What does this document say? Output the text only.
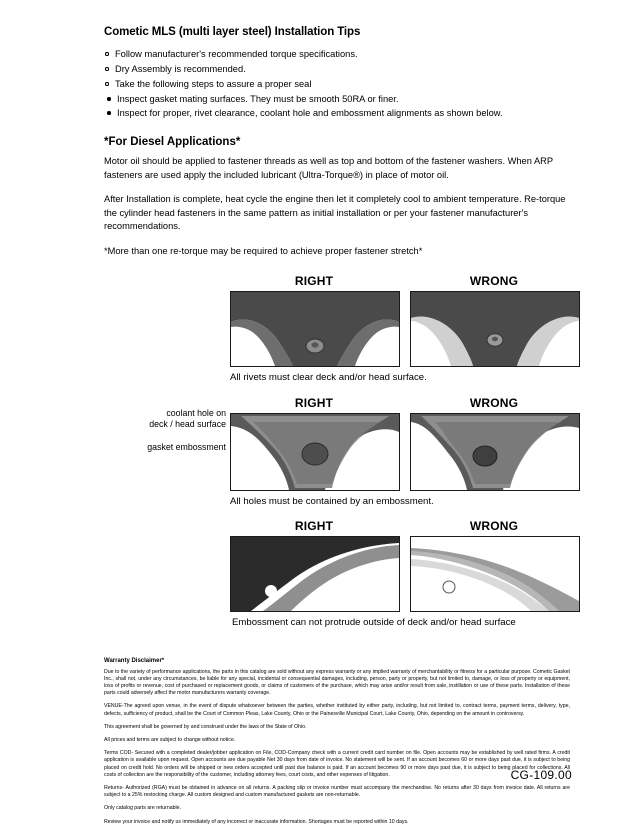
Cometic MLS (multi layer steel) Installation Tips
Follow manufacturer's recommended torque specifications.
Dry Assembly is recommended.
Take the following steps to assure a proper seal
Inspect gasket mating surfaces. They must be smooth 50RA or finer.
Inspect for proper, rivet clearance, coolant hole and embossment alignments as shown below.
*For Diesel Applications*

Motor oil should be applied to fastener threads as well as top and bottom of the fastener washers. When ARP fasteners are used apply the included lubricant (Ultra-Torque®) in place of motor oil.

After Installation is complete, heat cycle the engine then let it completely cool to ambient temperature. Re-torque the cylinder head fasteners in the same pattern as initial installation or per your fastener manufacturer's recommendations.

*More than one re-torque may be required to achieve proper fastener stretch*

RIGHT	WRONG
All rivets must clear deck and/or head surface.
coolant hole on
deck / head surface
gasket embossment
RIGHT	WRONG
All holes must be contained by an embossment.
RIGHT	WRONG
Embossment can not protrude outside of deck and/or head surface
Warranty Disclaimer*

Due to the variety of performance applications, the parts in this catalog are sold without any express warranty or any implied warranty of merchantability or fitness for a particular purpose. Cometic Gasket Inc., shall not, under any circumstances, be liable for any special, incidental or consequential damages, including, person, party or property, but not limited to, damage, or loss of property or equipment, loss of profits or revenue, cost of purchased or replacement goods, or claims of customers of the purchase, which may arise and/or result from sale, instillation or use of these parts. Installation of these parts could adversely affect the motor manufacturers warranty coverage.

VENUE-The agreed upon venue, in the event of dispute whatsoever between the parties, whether instituted by either party, including, but not limited to, contract terms, payment terms, delivery, type, defects, sufficiency of product, shall be the Court of Common Pleas, Lake County, Ohio or the Painesville Municipal Court, Lake County, Ohio, depending on the amount in controversy.

This agreement shall be governed by and construed under the laws of the State of Ohio.

All prices and terms are subject to change without notice.

Terms COD- Secured with a completed dealer/jobber application on File, COD-Company check with a current credit card number on file. Open accounts may be established by well rated firms. A credit application is available upon request. Open accounts are due payable Net 30 days from date of invoice. No statement will be sent. If an account becomes 60 or more days past due, it is subject to being placed on credit hold. No orders will be shipped or new orders accepted until past due balance is paid. If an account becomes 90 or more days past due, it is subject to being placed for collections. All costs of collection are the responsibility of the customer, including attorney fees, court costs, and other expenses of litigation.

Returns- Authorized (RGA) must be obtained in advance on all returns. A packing slip or invoice number must accompany the merchandise. No returns after 30 days from invoice date. All returns are subject to a 25% restocking charge. All custom designed and custom manufactured gaskets are non-returnable.

Only catalog parts are returnable.

Review your invoice and notify us immediately of any incorrect or inaccurate information. Shortages must be reported within 10 days.

CG-109.00
